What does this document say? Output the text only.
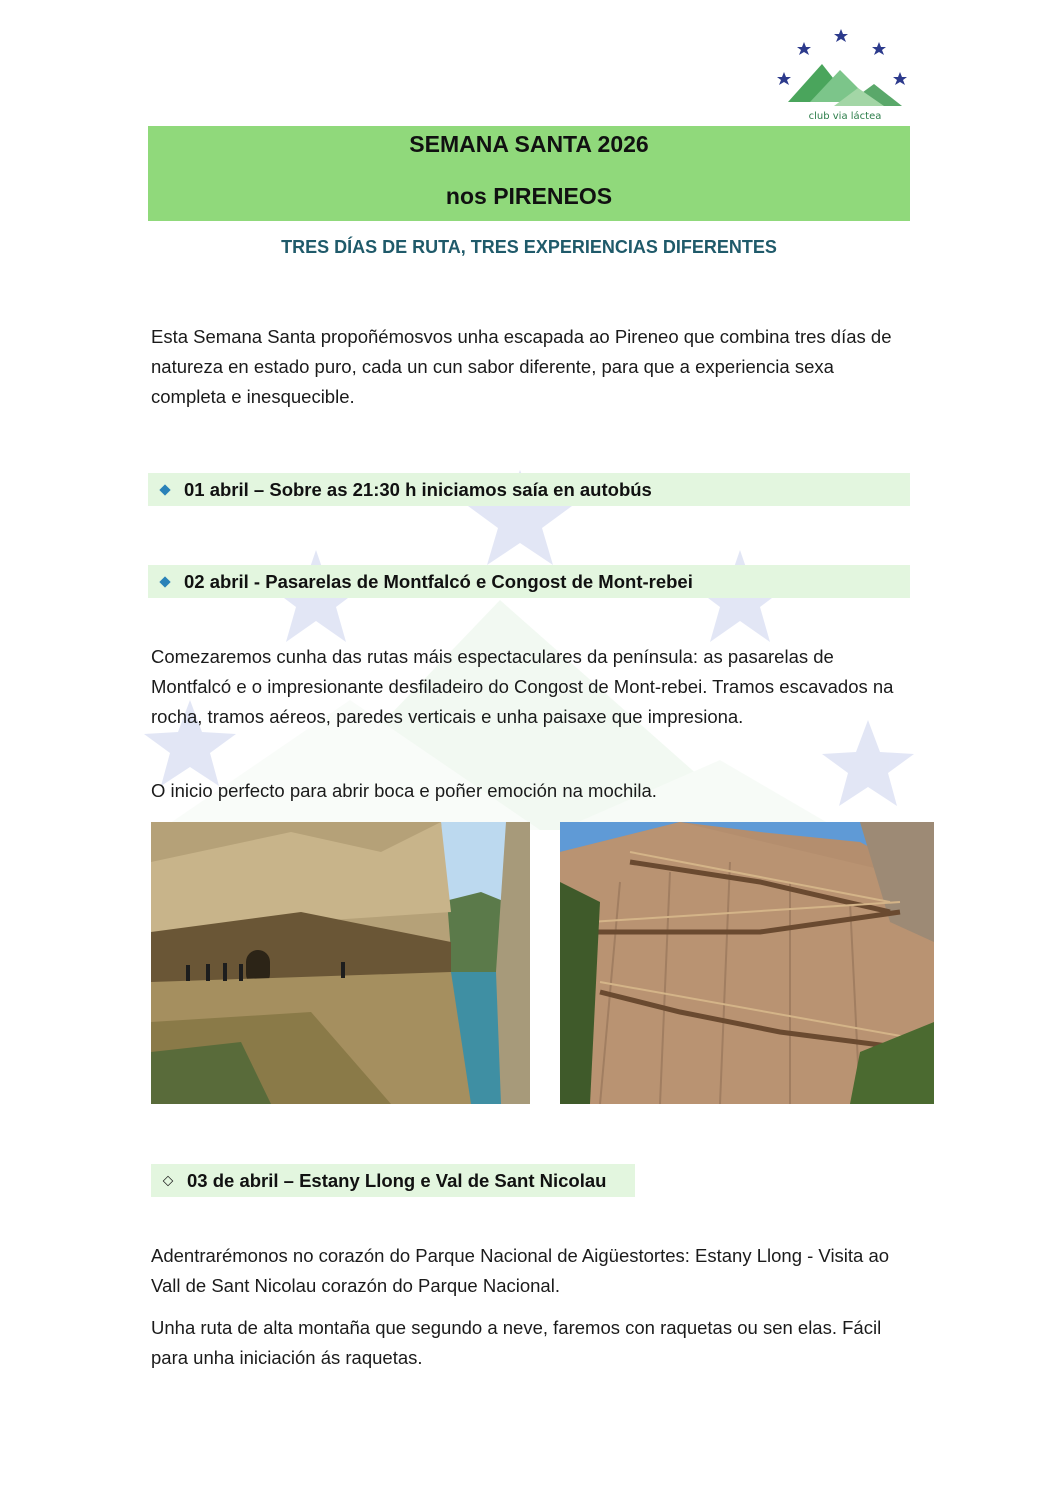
club via láctea
SEMANA SANTA 2026
nos PIRENEOS
TRES DÍAS DE RUTA, TRES EXPERIENCIAS DIFERENTES

Esta Semana Santa propoñémosvos unha escapada ao Pireneo que combina tres días de natureza en estado puro, cada un cun sabor diferente, para que a experiencia sexa completa e inesquecible.

01 abril – Sobre as 21:30 h iniciamos saía en autobús
02 abril - Pasarelas de Montfalcó e Congost de Mont-rebei

Comezaremos cunha das rutas máis espectaculares da península: as pasarelas de Montfalcó e o impresionante desfiladeiro do Congost de Mont-rebei. Tramos escavados na rocha, tramos aéreos, paredes verticais e unha paisaxe que impresiona.

O inicio perfecto para abrir boca e poñer emoción na mochila.

03 de abril – Estany Llong e Val de Sant Nicolau

Adentrarémonos no corazón do Parque Nacional de Aigüestortes: Estany Llong - Visita ao Vall de Sant Nicolau corazón do Parque Nacional.

Unha ruta de alta montaña que segundo a neve, faremos con raquetas ou sen elas. Fácil para unha iniciación ás raquetas.
